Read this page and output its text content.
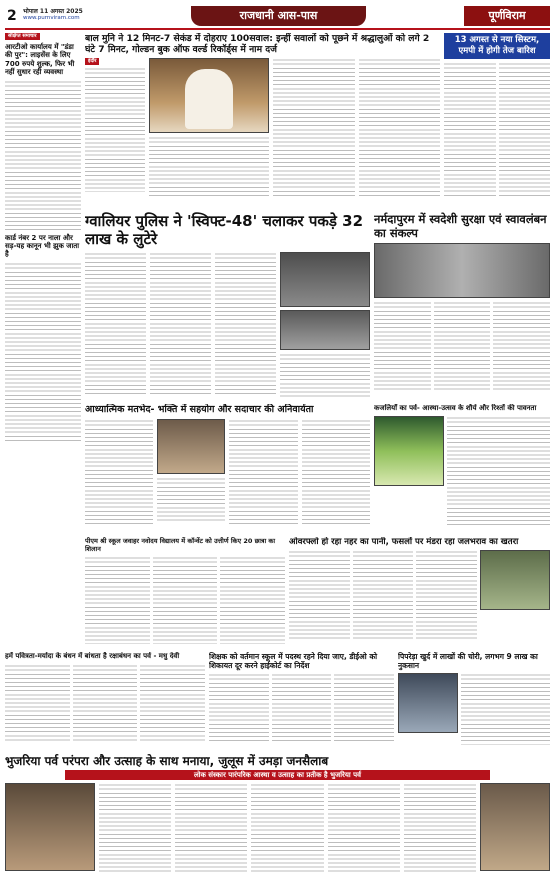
2 भोपाल 11 अगस्त 2025
www.purnviram.com	राजधानी आस-पास	पूर्णविराम
संक्षिप्त समाचार
आरटीओ कार्यालय में "डंडा की पुर": लाइसेंस के लिए 700 रुपये शुल्क, फिर भी नहीं सुधार रही व्यवस्था
कार्ड नंबर 2 पर नाला और सड़-यह कानून भी झुक जाता है
बाल मुनि ने 12 मिनट-7 सेकंड में दोहराए 100सवाल: इन्हीं सवालों को पूछने में श्रद्धालुओं को लगे 2 घंटे 7 मिनट, गोल्डन बुक ऑफ वर्ल्ड रिकॉर्ड्स में नाम दर्ज
इंदौर
13 अगस्त से नया सिस्टम, एमपी में होगी तेज बारिश
ग्वालियर पुलिस ने 'स्विफ्ट-48' चलाकर पकड़े 32 लाख के लुटेरे
नर्मदापुरम में स्वदेशी सुरक्षा एवं स्वावलंबन का संकल्प
आध्यात्मिक मतभेद- भक्ति में सहयोग और सदाचार की अनिवार्यता	कजलियाँ का पर्व- आस्था-उत्सव के शौर्य और रिश्तों की पावनता
पीएम श्री स्कूल जवाहर नवोदय विद्यालय में कॉन्वेंट को उत्तीर्ण किए 20 छात्रा का शिलान
ओवरफ्लो हो रहा नहर का पानी, फसलों पर मंडरा रहा जलभराव का खतरा
हमें पवित्रता-मर्यादा के बंधन में बांधता है रक्षाबंधन का पर्व - मधु देवी	शिक्षक को वर्तमान स्कूल में पदस्थ रहने दिया जाए, डीईओ को शिकायत दूर करने हाईकोर्ट का निर्देश
पिपरेड़ा खुर्द में लाखों की चोरी, लगभग 9 लाख का नुकसान
भुजरिया पर्व परंपरा और उत्साह के साथ मनाया, जुलूस में उमड़ा जनसैलाब
लोक संस्कार पारंपरिक आस्था व उत्साह का प्रतीक है भुजरिया पर्व
